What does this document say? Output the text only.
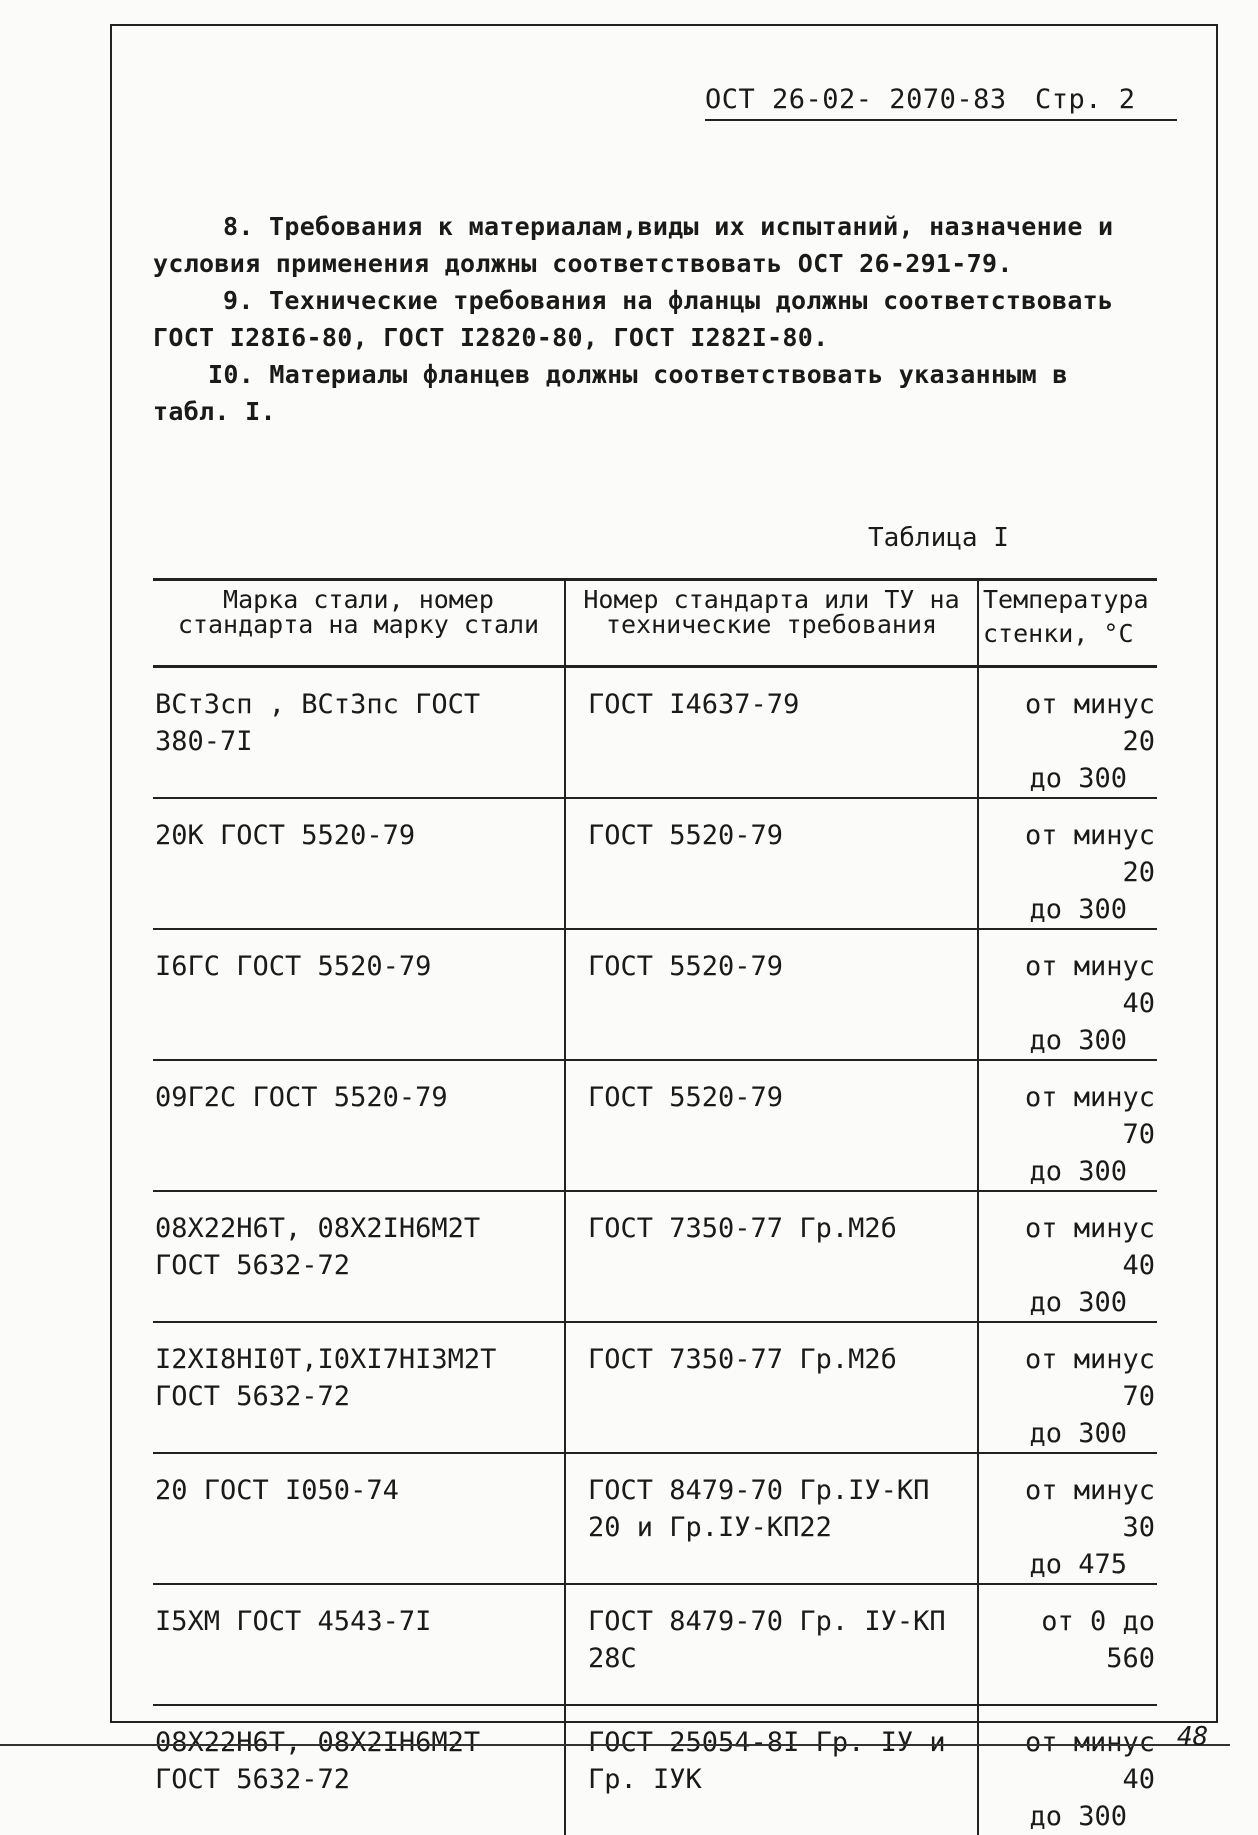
ОСТ 26-02- 2070-83 Стр. 2
8. Требования к материалам,виды их испытаний, назначение и условия применения должны соответствовать ОСТ 26-291-79.
9. Технические требования на фланцы должны соответствовать ГОСТ I28I6-80, ГОСТ I2820-80, ГОСТ I282I-80.
I0. Материалы фланцев должны соответствовать указанным в табл. I.
Таблица I
Марка стали, номер стандарта на марку стали	Номер стандарта или ТУ на технические требования	Температура стенки, °С
ВСт3сп , ВСт3пс ГОСТ 380-7I	ГОСТ I4637-79	от минус 20
до 300

20К ГОСТ 5520-79	ГОСТ 5520-79	от минус 20
до 300

I6ГС ГОСТ 5520-79	ГОСТ 5520-79	от минус 40
до 300

09Г2С ГОСТ 5520-79	ГОСТ 5520-79	от минус 70
до 300

08Х22Н6Т, 08Х2IН6М2Т ГОСТ 5632-72	ГОСТ 7350-77 Гр.М2б	от минус 40
до 300

I2ХI8НI0Т,I0ХI7НI3М2Т ГОСТ 5632-72	ГОСТ 7350-77 Гр.М2б	от минус 70
до 300

20 ГОСТ I050-74	ГОСТ 8479-70 Гр.IУ-КП 20 и Гр.IУ-КП22	от минус 30
до 475

I5ХМ ГОСТ 4543-7I	ГОСТ 8479-70 Гр. IУ-КП 28С	от 0 до 560

08Х22Н6Т, 08Х2IН6М2Т ГОСТ 5632-72	ГОСТ 25054-8I Гр. IУ и Гр. IУК	от минус 40
до 300
48
